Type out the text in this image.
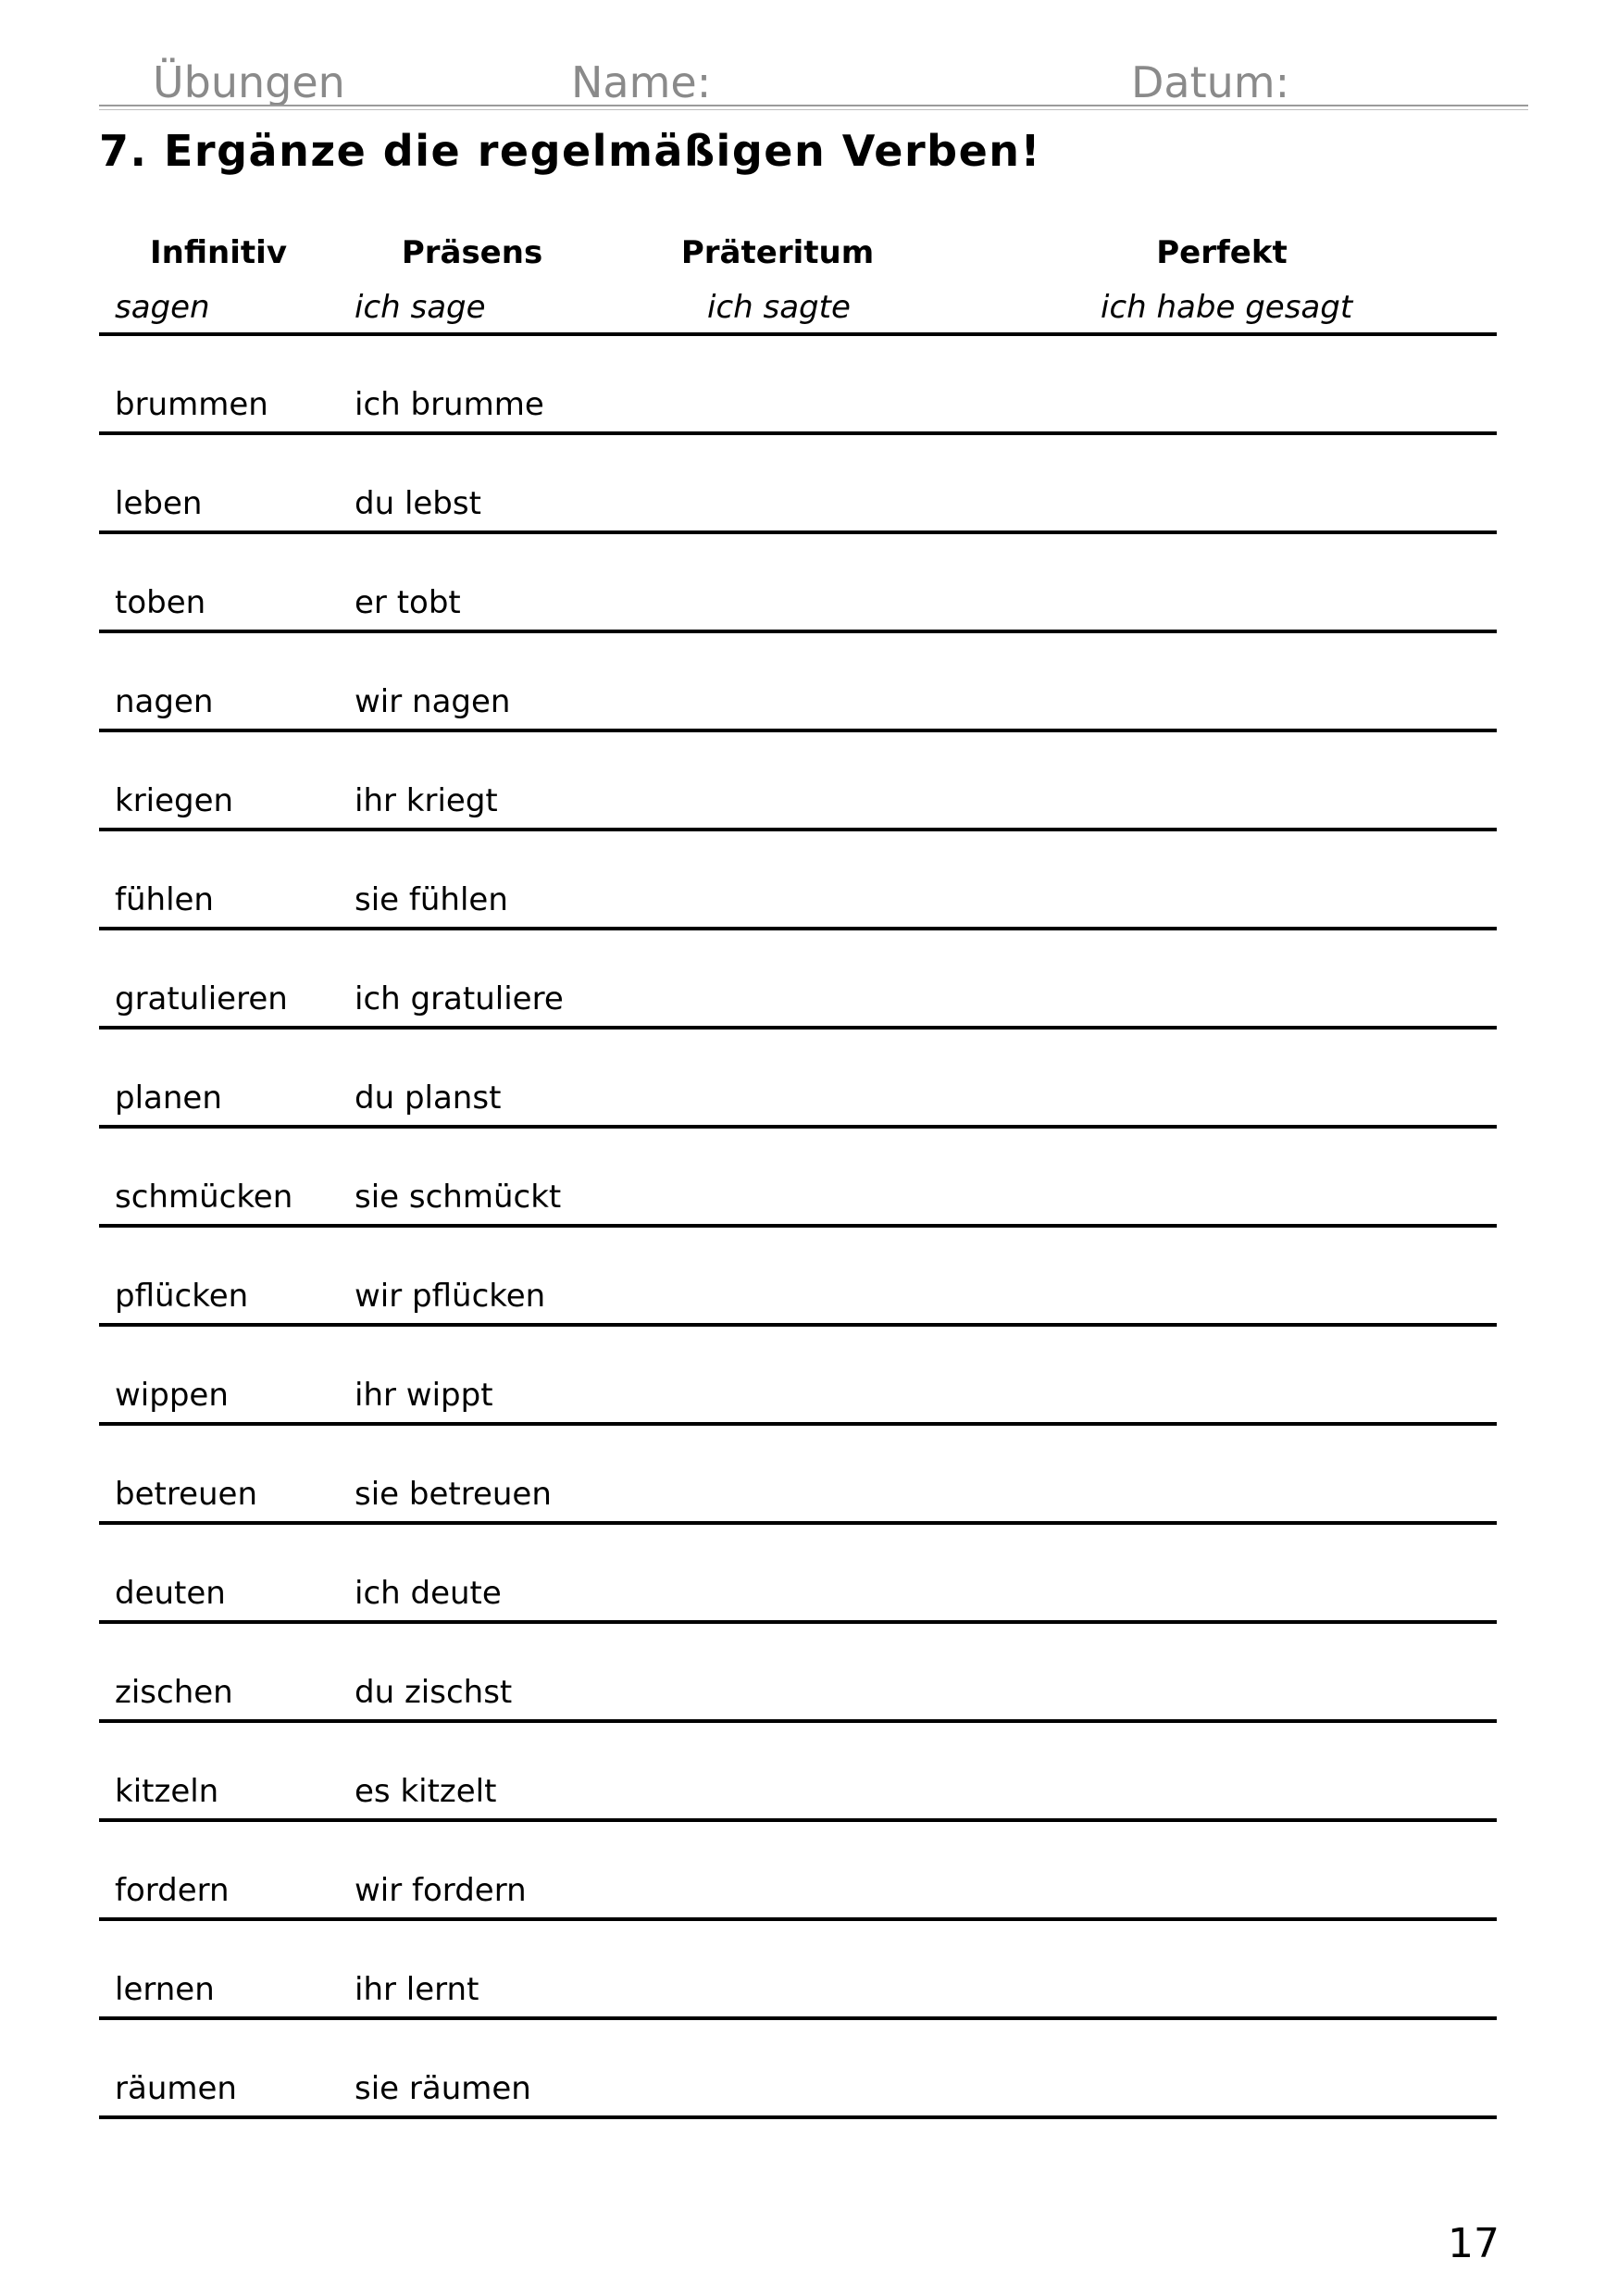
Übungen	Name:	Datum:
7. Ergänze die regelmäßigen Verben!
Infinitiv	Präsens	Präteritum	Perfekt
sagen	ich sage	ich sagte	ich habe gesagt
brummen	ich brumme
leben	du lebst
toben	er tobt
nagen	wir nagen
kriegen	ihr kriegt
fühlen	sie fühlen
gratulieren ich gratuliere
planen	du planst
schmücken sie schmückt
pflücken	wir pflücken
wippen	ihr wippt
betreuen	sie betreuen
deuten	ich deute
zischen	du zischst
kitzeln	es kitzelt
fordern	wir fordern
lernen	ihr lernt
räumen	sie räumen
17
